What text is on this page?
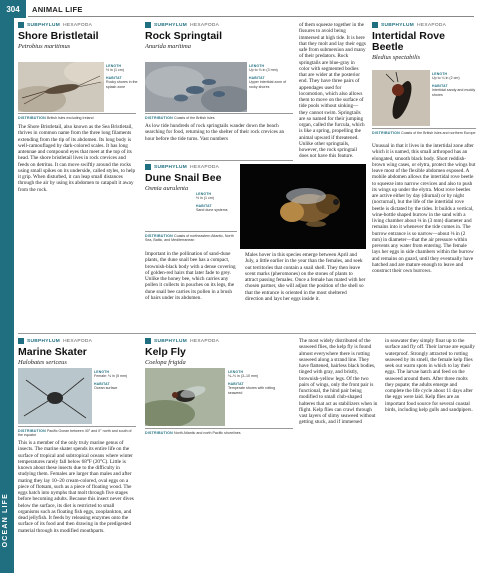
304	ANIMAL LIFE
OCEAN LIFE
SUBPHYLUM HEXAPODA
Shore Bristletail
Petrobius maritimus
LENGTH
½ in (1 cm)
HABITAT
Rocky shores in the splash zone
DISTRIBUTION British Isles excluding Ireland
The Shore Bristletail, also known as the Sea Bristletail, thrives in common name from the three long filaments extending from the tip of its abdomen. Its long body is well-camouflaged by dark-colored scales. It has long antennae and compound eyes that meet at the top of its head. The shore bristletail lives in rock crevices and feeds on detritus. It can move swiftly around the rocks using small spikes on its underside, called styles, to help it grip. When disturbed, it can leap small distances through the air by using its abdomen to catapult it away from the rock.
SUBPHYLUM HEXAPODA
Rock Springtail
Anurida maritima
LENGTH
Up to ⅛ in (3 mm)
HABITAT
Upper intertidal zone of rocky shores
DISTRIBUTION Coasts of the British Isles
As low tide hundreds of rock springtails wander down the beach searching for food, returning to the shelter of their rock crevices an hour before the tide turns. Vast numbers
SUBPHYLUM HEXAPODA
Dune Snail Bee
Osmia aurulenta
LENGTH
½ in (1 cm)
HABITAT
Sand dune systems
DISTRIBUTION Coasts of northeastern Atlantic, North Sea, Baltic, and Mediterranean
Important in the pollination of sand-dune plants, the dune snail bee has a compact, brownish-black body with a dense covering of golden-red hairs that later fade to grey. Unlike the honey bee, which carries any pollen it collects in pouches on its legs, the dune snail bee carries its pollen in a brush of hairs under its abdomen.
of them squeeze together in the fissures to avoid being immersed at high tide. It is here that they molt and lay their eggs safe from submersion and many of their predators. Rock springtails are blue-gray in color with segmented bodies that are wider at the posterior end. They have three pairs of appendages used for locomotion, which also allows them to move on the surface of tide pools without sinking—they cannot swim. Springtails are so named for their jumping organ, called the furcula, which is like a spring, propelling the animal upward if threatened. Unlike other springtails, however, the rock springtail does not have this feature.
Males hover in this species emerge between April and July, a little earlier in the year than the females, and seek out territories that contain a snail shell. They then leave scent marks (pheromones) on the stones of plants to attract passing females. Once a female has mated with her chosen partner, she will adjust the position of the shell so that the entrance is oriented in the most sheltered direction and lays her eggs inside it.
SUBPHYLUM HEXAPODA
Intertidal Rove Beetle
Bledius spectabilis
LENGTH
Up to ¼ in (2 cm)
HABITAT
Intertidal sandy and muddy shores
DISTRIBUTION Coasts of the British Isles and northern Europe
Unusual in that it lives in the intertidal zone after which it is named, this small arthropod has an elongated, smooth black body. Short reddish-brown wing cases, or elytra, protect the wings but leave most of the flexible abdomen exposed. A mobile abdomen allows the intertidal rove beetle to squeeze into narrow crevices and also to push its wings up under the elytra. Most rove beetles are active either by day (diurnal) or by night (nocturnal), but the life of the intertidal rove beetle is dictated by the tides. It builds a vertical, wine-bottle shaped burrow in the sand with a living chamber about ⅛ in (3 mm) diameter and remains into it whenever the tide comes in. The burrow entrance is so narrow—about ⅛ in (2 mm) in diameter—that the air pressure within prevents any water from entering. The female lays her eggs in side chambers within the burrow and remains on guard, until they eventually have hatched and are mature enough to leave and construct their own burrows.
SUBPHYLUM HEXAPODA
Marine Skater
Halobates sericeus
LENGTH
Female: ⅛ in (5 mm)
HABITAT
Ocean surface
DISTRIBUTION Pacific Ocean between 40° and 0° north and south of the equator
This is a member of the only truly marine genus of insects. The marine skater spends its entire life on the surface of tropical and subtropical oceans where winter temperatures rarely fall below 68°F (20°C). Little is known about these insects due to the difficulty in studying them. Females are larger than males and after mating they lay 10–20 cream-colored, oval eggs on a piece of flotsam, such as a piece of floating wood. The eggs hatch into nymphs that molt through five stages before becoming adults. Because this insect never dives below the surface, its diet is restricted to small organisms such as floating fish eggs, zooplankton, and dead jellyfish. It feeds by releasing enzymes onto the surface of its food and then drawing in the predigested material through its modified mouthparts.
SUBPHYLUM HEXAPODA
Kelp Fly
Coelopa frigida
LENGTH
⅛–⅓ in (3–10 mm)
HABITAT
Temperate shores with rotting seaweed
DISTRIBUTION North Atlantic and north Pacific shorelines
The most widely distributed of the seaweed flies, the kelp fly is found almost everywhere there is rotting seaweed along a strand line. They have flattened, hairless black bodies, tinged with gray, and bristly, brownish-yellow legs. Of the two pairs of wings, only the front pair is functional, the hind pair being modified to small club-shaped halteres that act as stabilizers when in flight. Kelp flies can crawl through vast layers of slimy seaweed without getting stuck, and if immersed
in seawater they simply float up to the surface and fly off. Their larvae are equally waterproof. Strongly attracted to rotting seaweed by its smell, the female kelp flies seek out warm spots in which to lay their eggs. The larvae hatch and feed on the seaweed around them. After three molts they pupate; the adults emerge and complete the life cycle about 11 days after the eggs were laid. Kelp flies are an important food source for several coastal birds, including kelp gulls and sandpipers.
